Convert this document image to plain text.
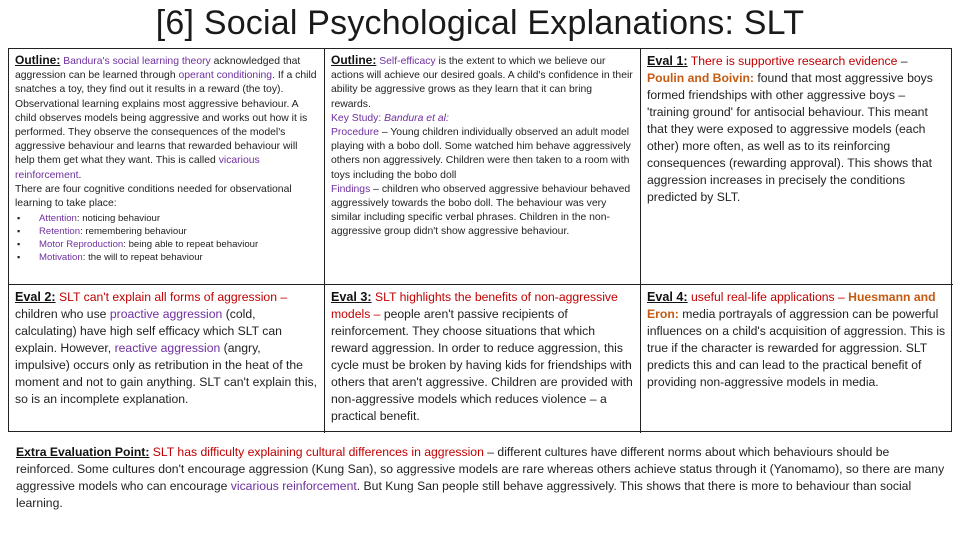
[6] Social Psychological Explanations: SLT

Outline: Bandura's social learning theory acknowledged that aggression can be learned through operant conditioning. If a child snatches a toy, they find out it results in a reward (the toy).

Observational learning explains most aggressive behaviour. A child observes models being aggressive and works out how it is performed. They observe the consequences of the model's aggressive behaviour and learns that rewarded behaviour will help them get what they want. This is called vicarious reinforcement.

There are four cognitive conditions needed for observational learning to take place:

▪ Attention: noticing behaviour
▪ Retention: remembering behaviour
▪ Motor Reproduction: being able to repeat behaviour
▪ Motivation: the will to repeat behaviour

Outline: Self-efficacy is the extent to which we believe our actions will achieve our desired goals. A child's confidence in their ability be aggressive grows as they learn that it can bring rewards.

Key Study: Bandura et al:

Procedure – Young children individually observed an adult model playing with a bobo doll. Some watched him behave aggressively others non aggressively. Children were then taken to a room with toys including the bobo doll

Findings – children who observed aggressive behaviour behaved aggressively towards the bobo doll. The behaviour was very similar including specific verbal phrases. Children in the non-aggressive group didn't show aggressive behaviour.

Eval 1: There is supportive research evidence – Poulin and Boivin: found that most aggressive boys formed friendships with other aggressive boys – 'training ground' for antisocial behaviour. This meant that they were exposed to aggressive models (each other) more often, as well as to its reinforcing consequences (rewarding approval). This shows that aggression increases in precisely the conditions predicted by SLT.

Eval 2: SLT can't explain all forms of aggression – children who use proactive aggression (cold, calculating) have high self efficacy which SLT can explain. However, reactive aggression (angry, impulsive) occurs only as retribution in the heat of the moment and not to gain anything. SLT can't explain this, so is an incomplete explanation.

Eval 3: SLT highlights the benefits of non-aggressive models – people aren't passive recipients of reinforcement. They choose situations that which reward aggression. In order to reduce aggression, this cycle must be broken by having kids for friendships with others that aren't aggressive. Children are provided with non-aggressive models which reduces violence – a practical benefit.

Eval 4: useful real-life applications – Huesmann and Eron: media portrayals of aggression can be powerful influences on a child's acquisition of aggression. This is true if the character is rewarded for aggression. SLT predicts this and can lead to the practical benefit of providing non-aggressive models in media.

Extra Evaluation Point: SLT has difficulty explaining cultural differences in aggression – different cultures have different norms about which behaviours should be reinforced. Some cultures don't encourage aggression (Kung San), so aggressive models are rare whereas others achieve status through it (Yanomamo), so there are many aggressive models who can encourage vicarious reinforcement. But Kung San people still behave aggressively. This shows that there is more to behaviour than social learning.
